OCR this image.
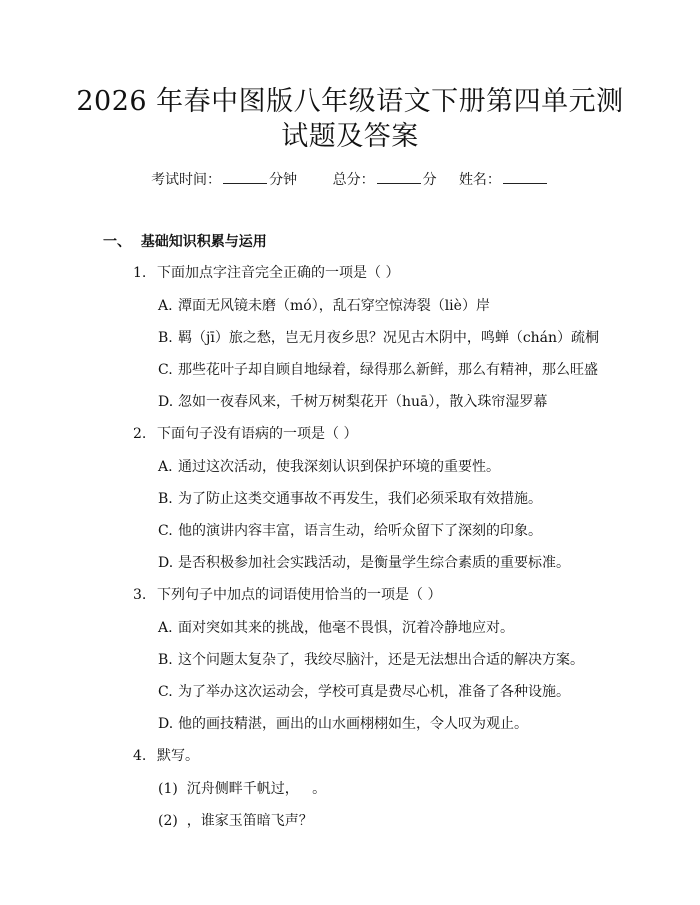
2026 年春中图版八年级语文下册第四单元测
试题及答案
考试时间：	分钟	总分：	分 姓名：
一、  基础知识积累与运用
1. 下面加点字注音完全正确的一项是（ ）
A. 潭面无风镜未磨（mó），乱石穿空惊涛裂（liè）岸
B. 羁（jī）旅之愁，岂无月夜乡思？况见古木阴中，鸣蝉（chán）疏桐
C. 那些花叶子却自顾自地绿着，绿得那么新鲜，那么有精神，那么旺盛
D. 忽如一夜春风来，千树万树梨花开（huā），散入珠帘湿罗幕
2. 下面句子没有语病的一项是（ ）
A. 通过这次活动，使我深刻认识到保护环境的重要性。
B. 为了防止这类交通事故不再发生，我们必须采取有效措施。
C. 他的演讲内容丰富，语言生动，给听众留下了深刻的印象。
D. 是否积极参加社会实践活动，是衡量学生综合素质的重要标准。
3. 下列句子中加点的词语使用恰当的一项是（ ）
A. 面对突如其来的挑战，他毫不畏惧，沉着冷静地应对。
B. 这个问题太复杂了，我绞尽脑汁，还是无法想出合适的解决方案。
C. 为了举办这次运动会，学校可真是费尽心机，准备了各种设施。
D. 他的画技精湛，画出的山水画栩栩如生，令人叹为观止。
4. 默写。
(1)  沉舟侧畔千帆过，   。
(2)  ，谁家玉笛暗飞声？
